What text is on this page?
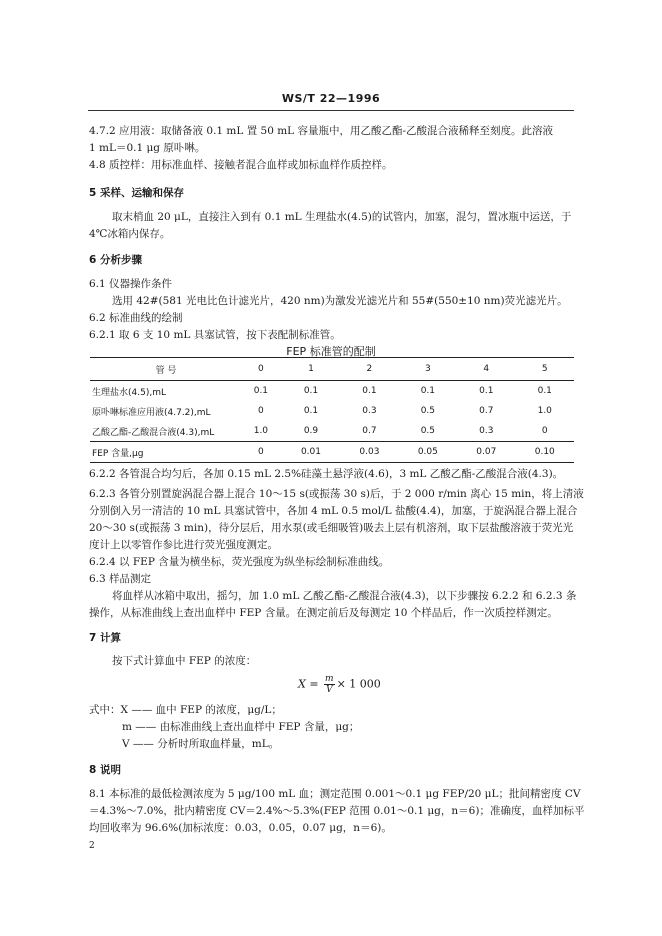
WS/T 22—1996
4.7.2 应用液：取储备液 0.1 mL 置 50 mL 容量瓶中，用乙酸乙酯-乙酸混合液稀释至刻度。此溶液
1 mL＝0.1 μg 原卟啉。
4.8 质控样：用标准血样、接触者混合血样或加标血样作质控样。
5 采样、运输和保存
取末梢血 20 μL，直接注入到有 0.1 mL 生理盐水(4.5)的试管内，加塞，混匀，置冰瓶中运送，于
4℃冰箱内保存。
6 分析步骤
6.1 仪器操作条件
选用 42#(581 光电比色计滤光片，420 nm)为激发光滤光片和 55#(550±10 nm)荧光滤光片。
6.2 标准曲线的绘制
6.2.1 取 6 支 10 mL 具塞试管，按下表配制标准管。
FEP 标准管的配制
管 号	0	1	2	3	4	5
生理盐水(4.5),mL	0.1	0.1	0.1	0.1	0.1	0.1
原卟啉标准应用液(4.7.2),mL	0	0.1	0.3	0.5	0.7	1.0
乙酸乙酯-乙酸混合液(4.3),mL	1.0	0.9	0.7	0.5	0.3	0
FEP 含量,μg	0	0.01	0.03	0.05	0.07	0.10
6.2.2 各管混合均匀后，各加 0.15 mL 2.5%硅藻土悬浮液(4.6)，3 mL 乙酸乙酯-乙酸混合液(4.3)。
6.2.3 各管分别置旋涡混合器上混合 10～15 s(或振荡 30 s)后，于 2 000 r/min 离心 15 min，将上清液
分别倒入另一清洁的 10 mL 具塞试管中，各加 4 mL 0.5 mol/L 盐酸(4.4)，加塞，于旋涡混合器上混合
20～30 s(或振荡 3 min)，待分层后，用水泵(或毛细吸管)吸去上层有机溶剂，取下层盐酸溶液于荧光光
度计上以零管作参比进行荧光强度测定。
6.2.4 以 FEP 含量为横坐标，荧光强度为纵坐标绘制标准曲线。
6.3 样品测定
将血样从冰箱中取出，摇匀，加 1.0 mL 乙酸乙酯-乙酸混合液(4.3)，以下步骤按 6.2.2 和 6.2.3 条
操作，从标准曲线上查出血样中 FEP 含量。在测定前后及每测定 10 个样品后，作一次质控样测定。
7 计算
按下式计算血中 FEP 的浓度：
$X = \frac{m}{V} \times 1$ 000
式中：X —— 血中 FEP 的浓度，μg/L；
m —— 由标准曲线上查出血样中 FEP 含量，μg；
V —— 分析时所取血样量，mL。
8 说明
8.1 本标准的最低检测浓度为 5 μg/100 mL 血；测定范围 0.001～0.1 μg FEP/20 μL；批间精密度 CV
＝4.3%～7.0%，批内精密度 CV＝2.4%～5.3%(FEP 范围 0.01～0.1 μg，n＝6)；准确度，血样加标平
均回收率为 96.6%(加标浓度：0.03，0.05，0.07 μg，n＝6)。
2
